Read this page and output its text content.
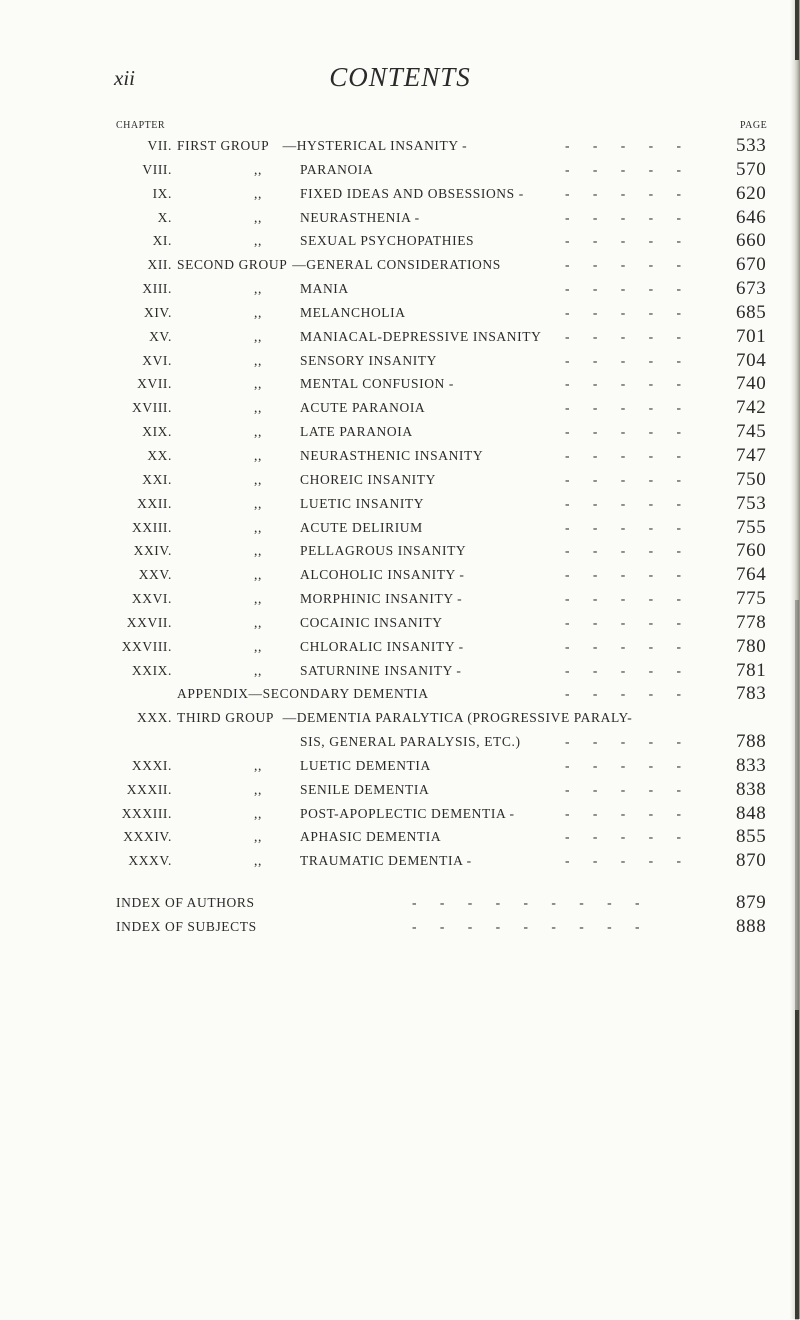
xii	CONTENTS
CHAPTER	PAGE
VII. FIRST GROUP —HYSTERICAL INSANITY -	- - - - - 533
VIII.	,,	PARANOIA	- - - - - 570
IX.	,,	FIXED IDEAS AND OBSESSIONS -	- - - - - 620
X.	,,	NEURASTHENIA -	- - - - - 646
XI.	,,	SEXUAL PSYCHOPATHIES	- - - - - 660
XII. SECOND GROUP —GENERAL CONSIDERATIONS	- - - - - 670
XIII.	,,	MANIA	- - - - - 673
XIV.	,,	MELANCHOLIA	- - - - - 685
XV.	,,	MANIACAL-DEPRESSIVE INSANITY - - - - - 701
XVI.	,,	SENSORY INSANITY	- - - - - 704
XVII.	,,	MENTAL CONFUSION -	- - - - - 740
XVIII.	,,	ACUTE PARANOIA	- - - - - 742
XIX.	,,	LATE PARANOIA	- - - - - 745
XX.	,,	NEURASTHENIC INSANITY	- - - - - 747
XXI.	,,	CHOREIC INSANITY	- - - - - 750
XXII.	,,	LUETIC INSANITY	- - - - - 753
XXIII.	,,	ACUTE DELIRIUM	- - - - - 755
XXIV.	,,	PELLAGROUS INSANITY	- - - - - 760
XXV.	,,	ALCOHOLIC INSANITY -	- - - - - 764
XXVI.	,,	MORPHINIC INSANITY -	- - - - - 775
XXVII.	,,	COCAINIC INSANITY	- - - - - 778
XXVIII.	,,	CHLORALIC INSANITY -	- - - - - 780
XXIX.	,,	SATURNINE INSANITY -	- - - - - 781
APPENDIX—SECONDARY DEMENTIA	- - - - - 783
XXX. THIRD GROUP —DEMENTIA PARALYTICA (PROGRESSIVE PARALY-
SIS, GENERAL PARALYSIS, ETC.)	- - - - - 788
XXXI.	,,	LUETIC DEMENTIA	- - - - - 833
XXXII.	,,	SENILE DEMENTIA	- - - - - 838
XXXIII.	,,	POST-APOPLECTIC DEMENTIA -	- - - - - 848
XXXIV.	,,	APHASIC DEMENTIA	- - - - - 855
XXXV.	,,	TRAUMATIC DEMENTIA -	- - - - - 870
INDEX OF AUTHORS	- - - - - - - - -	879
INDEX OF SUBJECTS	- - - - - - - - -	888
